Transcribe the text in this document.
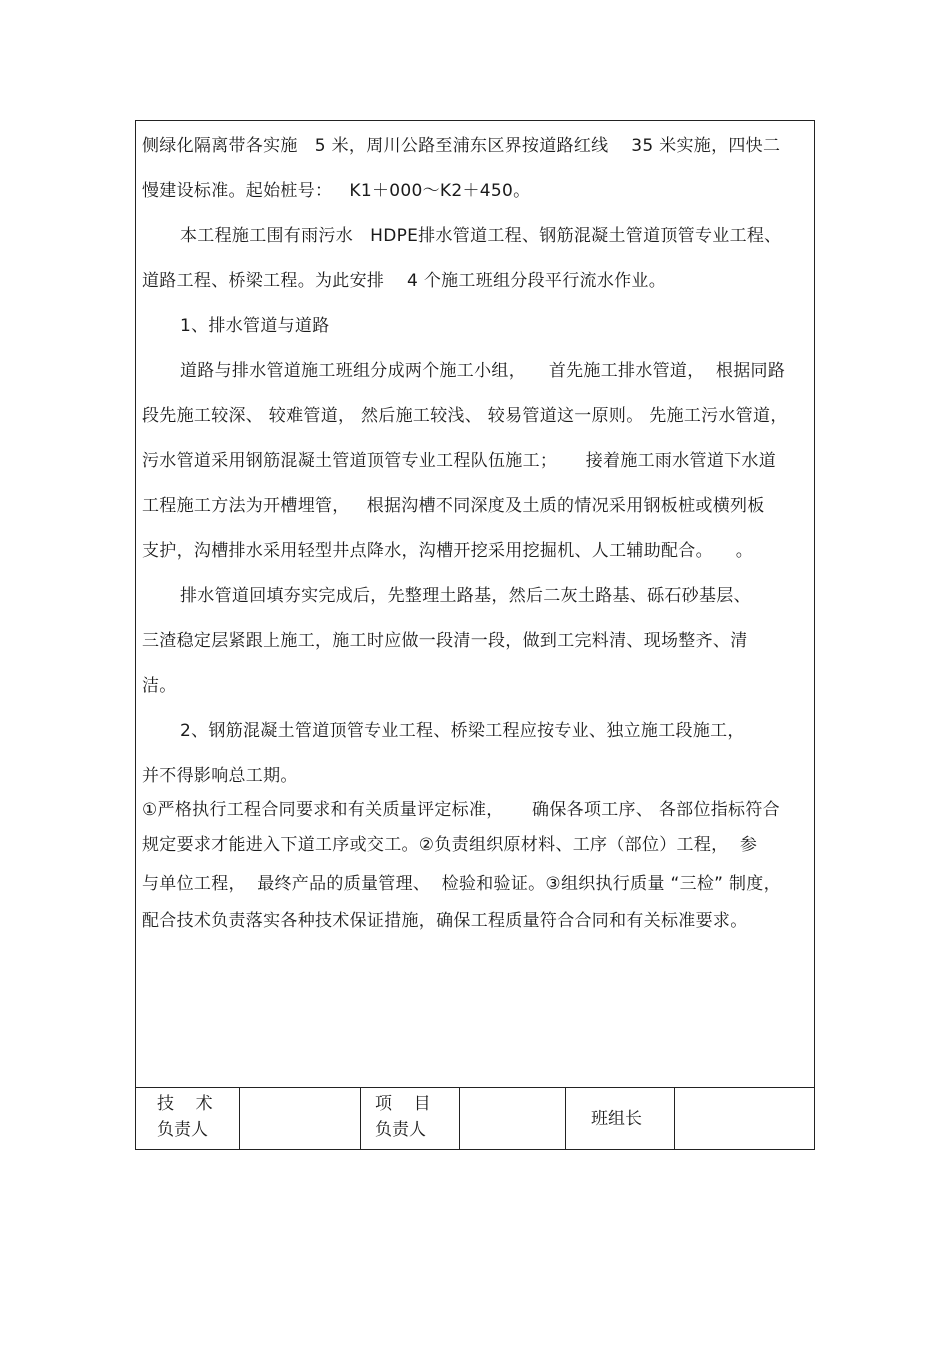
侧绿化隔离带各实施   5 米，周川公路至浦东区界按道路红线    35 米实施，四快二
慢建设标准。起始桩号：   K1＋000～K2＋450。
本工程施工围有雨污水   HDPE排水管道工程、钢筋混凝土管道顶管专业工程、
道路工程、桥梁工程。为此安排    4 个施工班组分段平行流水作业。
1、排水管道与道路
道路与排水管道施工班组分成两个施工小组，    首先施工排水管道，  根据同路
段先施工较深、 较难管道， 然后施工较浅、 较易管道这一原则。 先施工污水管道，
污水管道采用钢筋混凝土管道顶管专业工程队伍施工；     接着施工雨水管道下水道
工程施工方法为开槽埋管，   根据沟槽不同深度及土质的情况采用钢板桩或横列板
支护，沟槽排水采用轻型井点降水，沟槽开挖采用挖掘机、人工辅助配合。    。
排水管道回填夯实完成后，先整理土路基，然后二灰土路基、砾石砂基层、
三渣稳定层紧跟上施工，施工时应做一段清一段，做到工完料清、现场整齐、清
洁。
2、钢筋混凝土管道顶管专业工程、桥梁工程应按专业、独立施工段施工，
并不得影响总工期。
①严格执行工程合同要求和有关质量评定标准，     确保各项工序、 各部位指标符合
规定要求才能进入下道工序或交工。②负责组织原材料、工序（部位）工程，  参
与单位工程，  最终产品的质量管理、  检验和验证。③组织执行质量 “三检” 制度，
配合技术负责落实各种技术保证措施，确保工程质量符合合同和有关标准要求。
技    术
负责人
项    目
负责人
班组长
